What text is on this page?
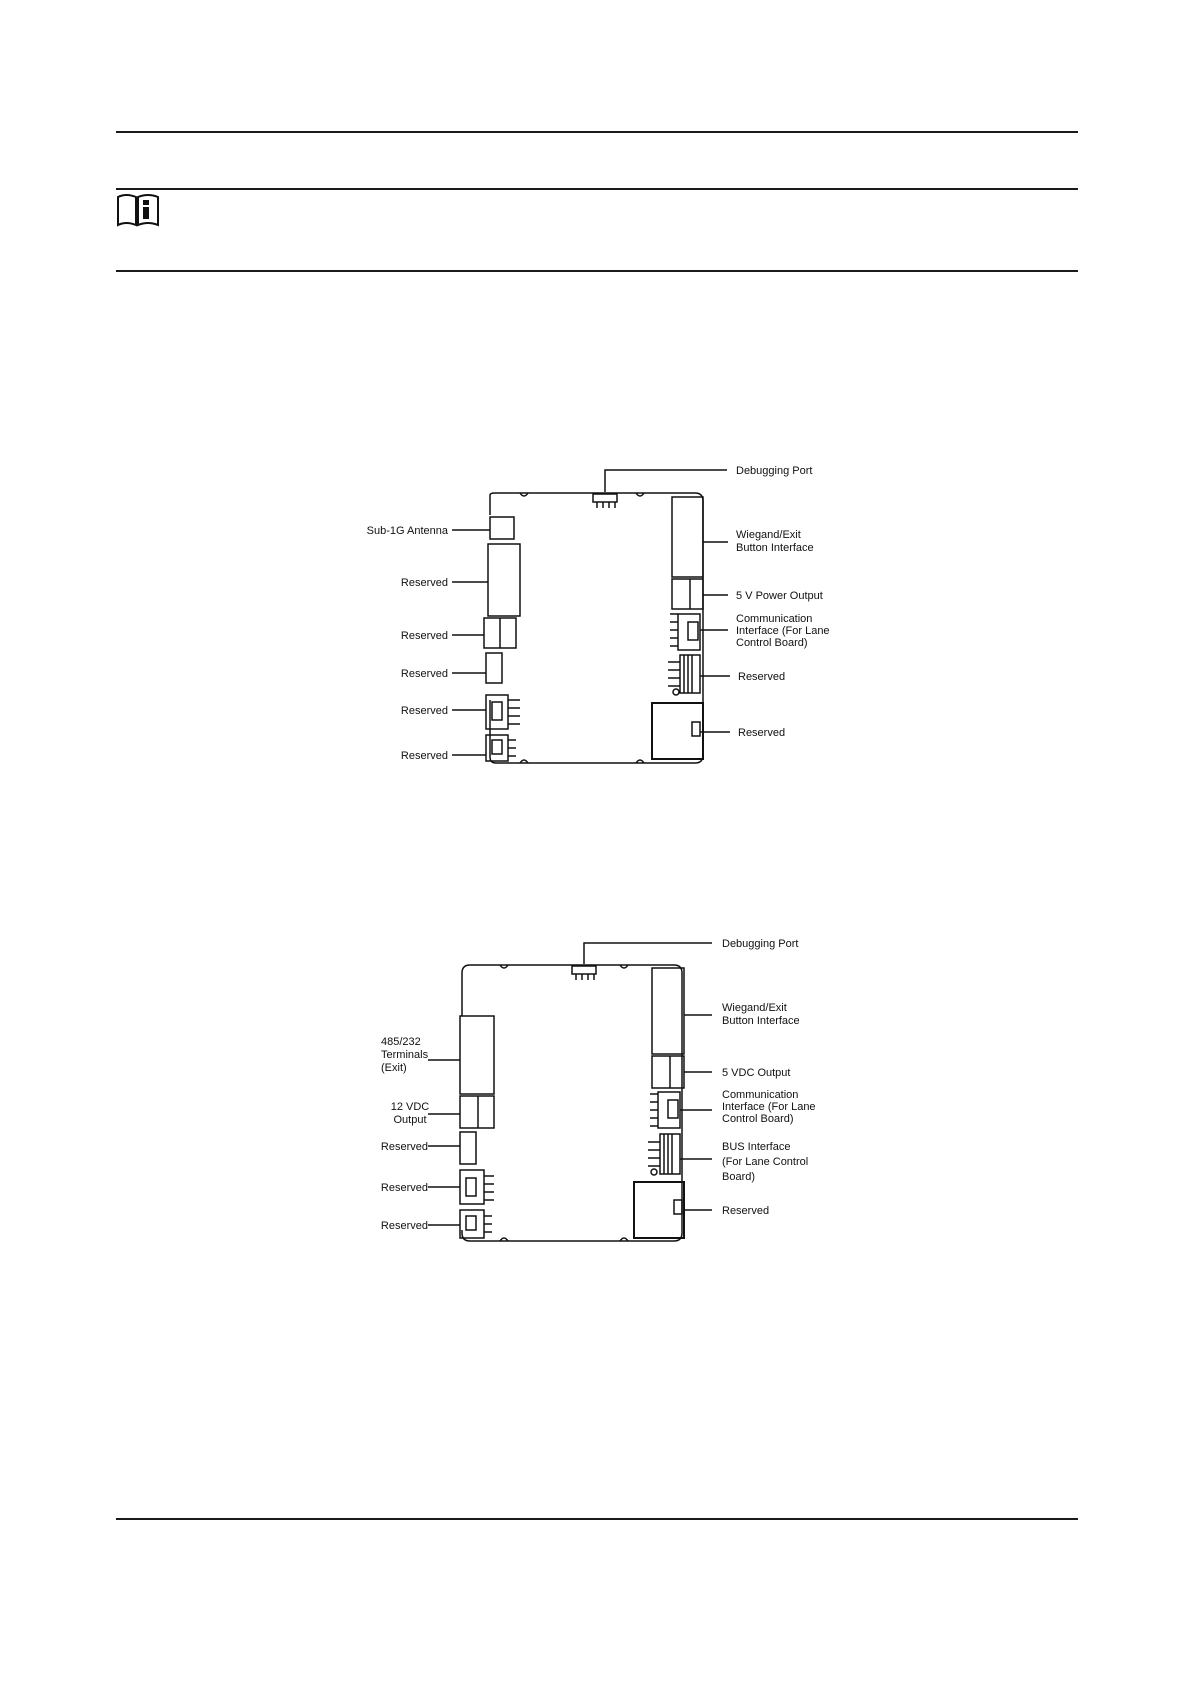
Debugging Port
Sub-1G Antenna	Wiegand/Exit
Button Interface
Reserved
5 V Power Output
Communication
Interface (For Lane
Control Board)
Reserved
Reserved	Reserved
Reserved
Reserved
Reserved
Debugging Port
Wiegand/Exit
Button Interface
485/232
Terminals
(Exit)	5 VDC Output
12 VDC
Output
Communication
Interface (For Lane
Control Board)
Reserved	BUS Interface
(For Lane Control
Board)
Reserved
Reserved
Reserved
